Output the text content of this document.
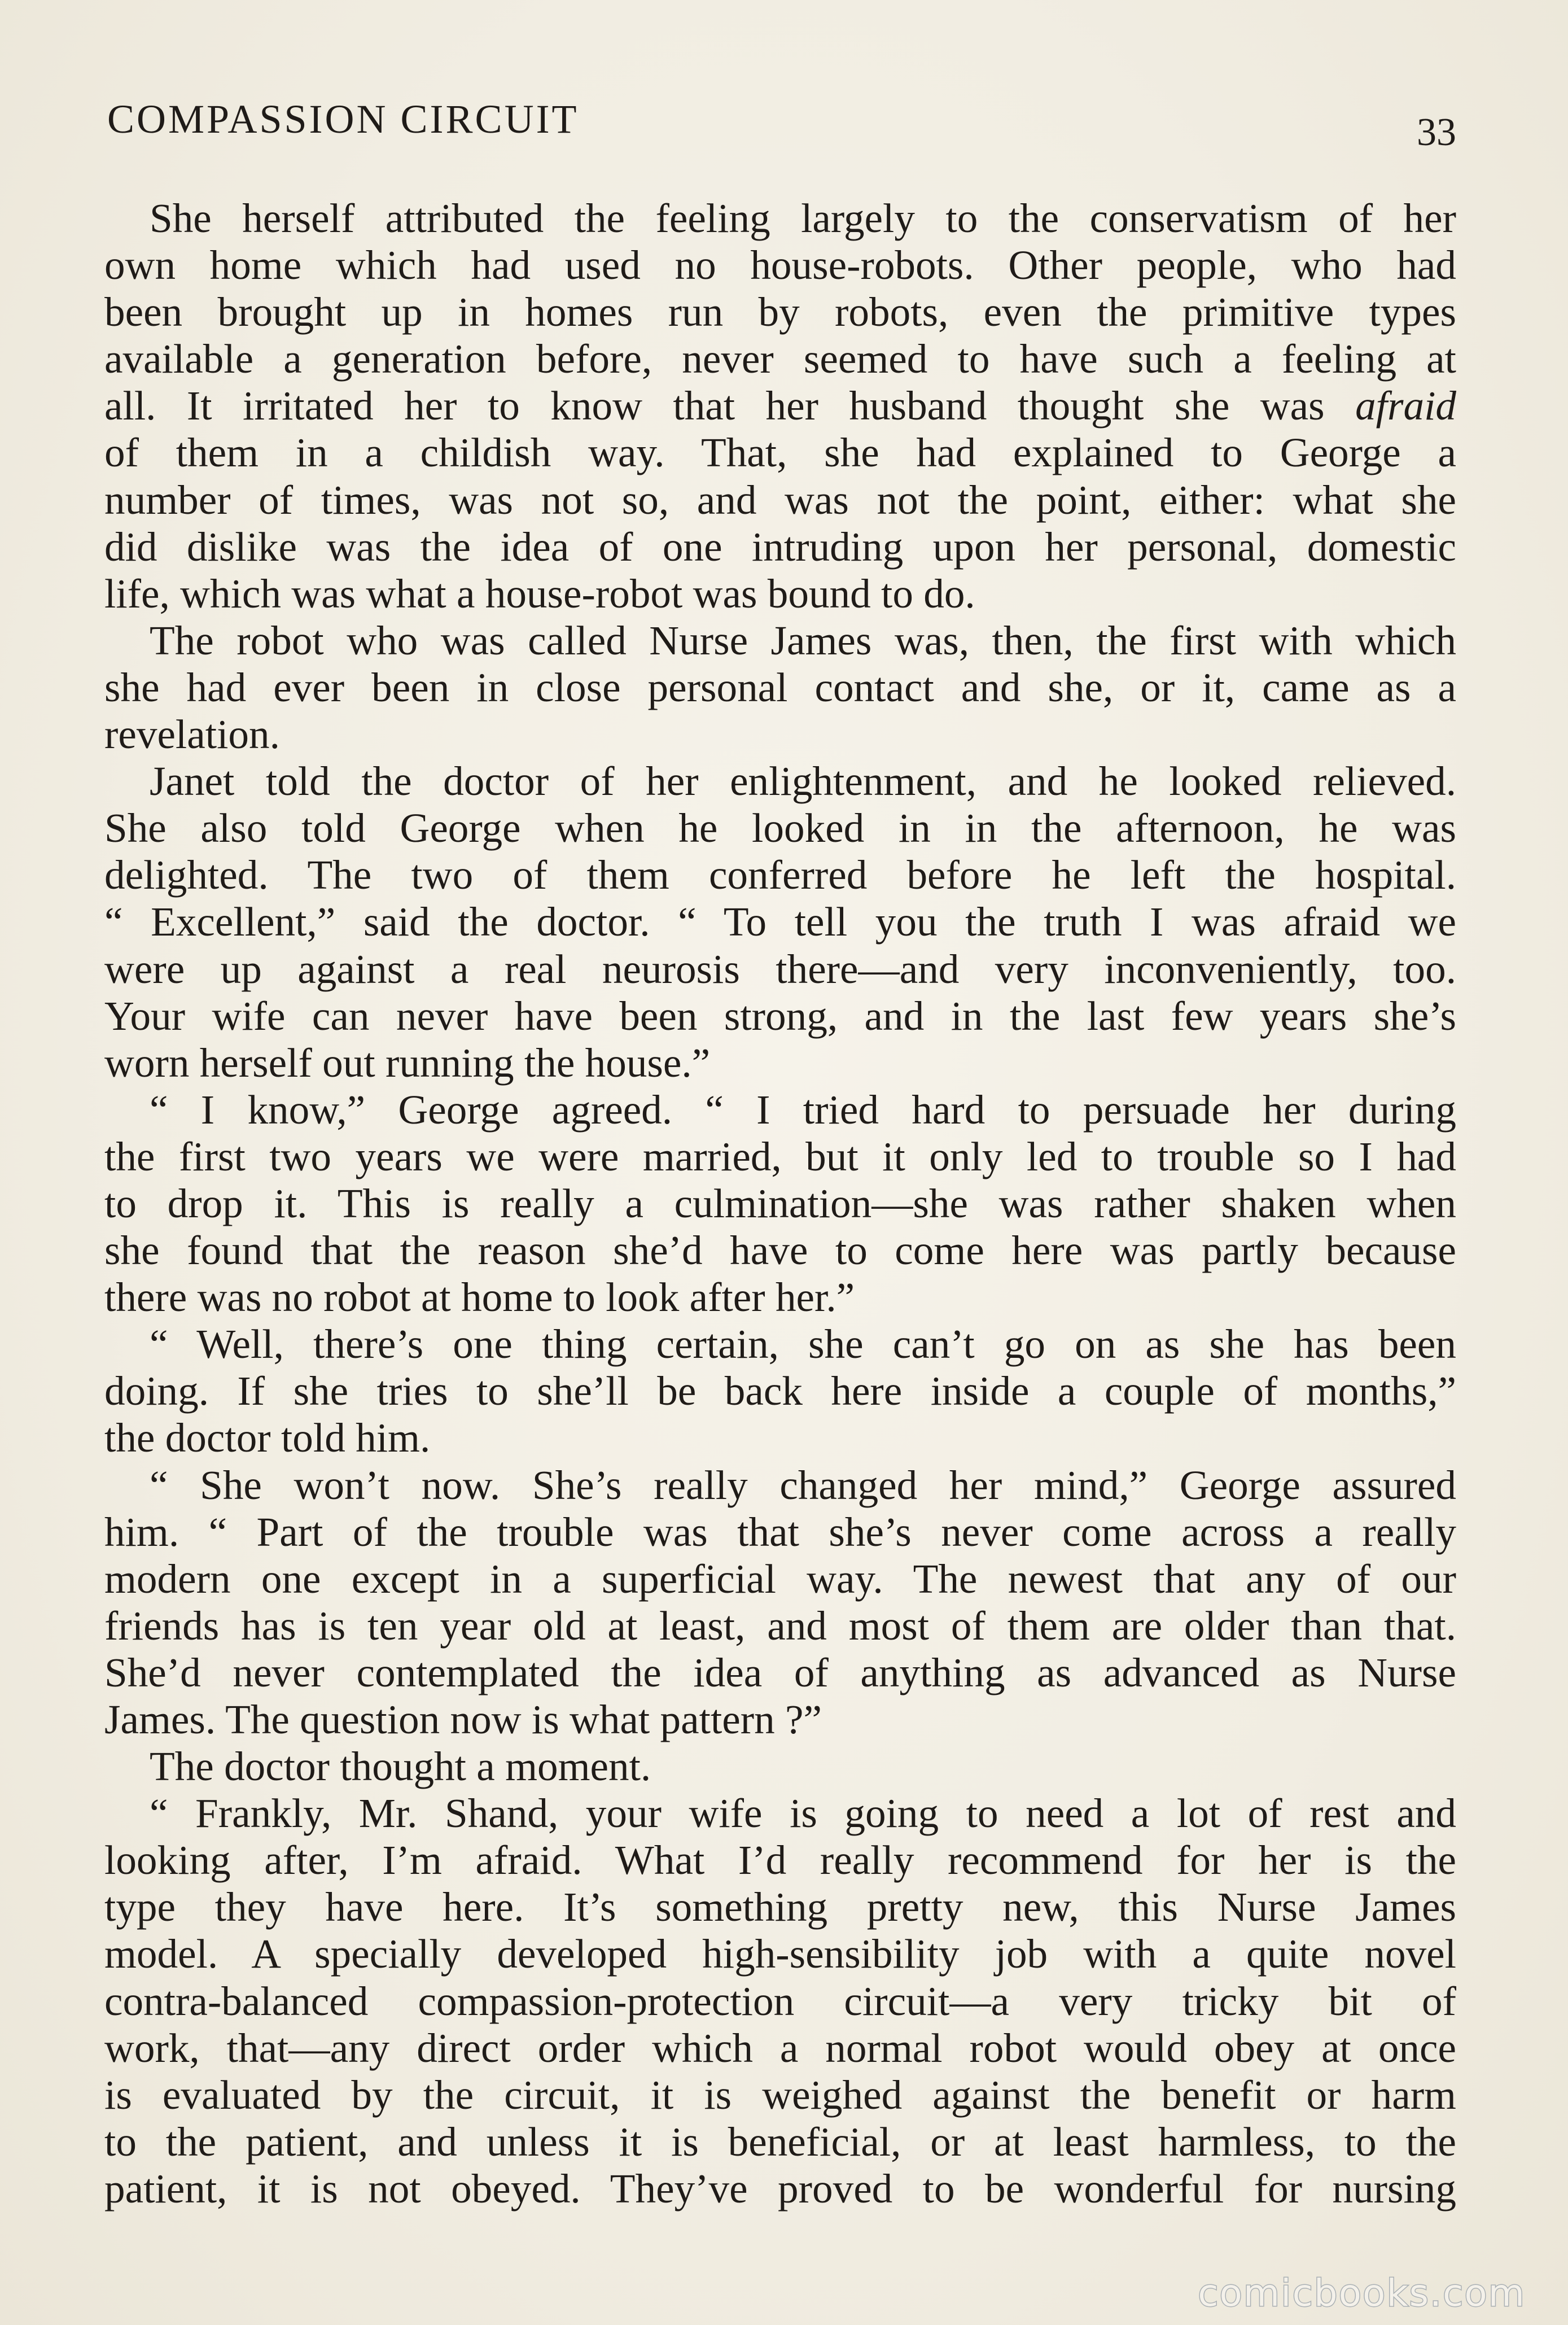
COMPASSION CIRCUIT	33
She herself attributed the feeling largely to the conservatism of her
own home which had used no house-robots. Other people, who had
been brought up in homes run by robots, even the primitive types
available a generation before, never seemed to have such a feeling at
all. It irritated her to know that her husband thought she was afraid
of them in a childish way. That, she had explained to George a
number of times, was not so, and was not the point, either: what she
did dislike was the idea of one intruding upon her personal, domestic
life, which was what a house-robot was bound to do.
The robot who was called Nurse James was, then, the first with which
she had ever been in close personal contact and she, or it, came as a
revelation.
Janet told the doctor of her enlightenment, and he looked relieved.
She also told George when he looked in in the afternoon, he was
delighted. The two of them conferred before he left the hospital.
“ Excellent,” said the doctor. “ To tell you the truth I was afraid we
were up against a real neurosis there—and very inconveniently, too.
Your wife can never have been strong, and in the last few years she’s
worn herself out running the house.”
“ I know,” George agreed. “ I tried hard to persuade her during
the first two years we were married, but it only led to trouble so I had
to drop it. This is really a culmination—she was rather shaken when
she found that the reason she’d have to come here was partly because
there was no robot at home to look after her.”
“ Well, there’s one thing certain, she can’t go on as she has been
doing. If she tries to she’ll be back here inside a couple of months,”
the doctor told him.
“ She won’t now. She’s really changed her mind,” George assured
him. “ Part of the trouble was that she’s never come across a really
modern one except in a superficial way. The newest that any of our
friends has is ten year old at least, and most of them are older than that.
She’d never contemplated the idea of anything as advanced as Nurse
James. The question now is what pattern ?”
The doctor thought a moment.
“ Frankly, Mr. Shand, your wife is going to need a lot of rest and
looking after, I’m afraid. What I’d really recommend for her is the
type they have here. It’s something pretty new, this Nurse James
model. A specially developed high-sensibility job with a quite novel
contra-balanced compassion-protection circuit—a very tricky bit of
work, that—any direct order which a normal robot would obey at once
is evaluated by the circuit, it is weighed against the benefit or harm
to the patient, and unless it is beneficial, or at least harmless, to the
patient, it is not obeyed. They’ve proved to be wonderful for nursing
comicbooks.com
